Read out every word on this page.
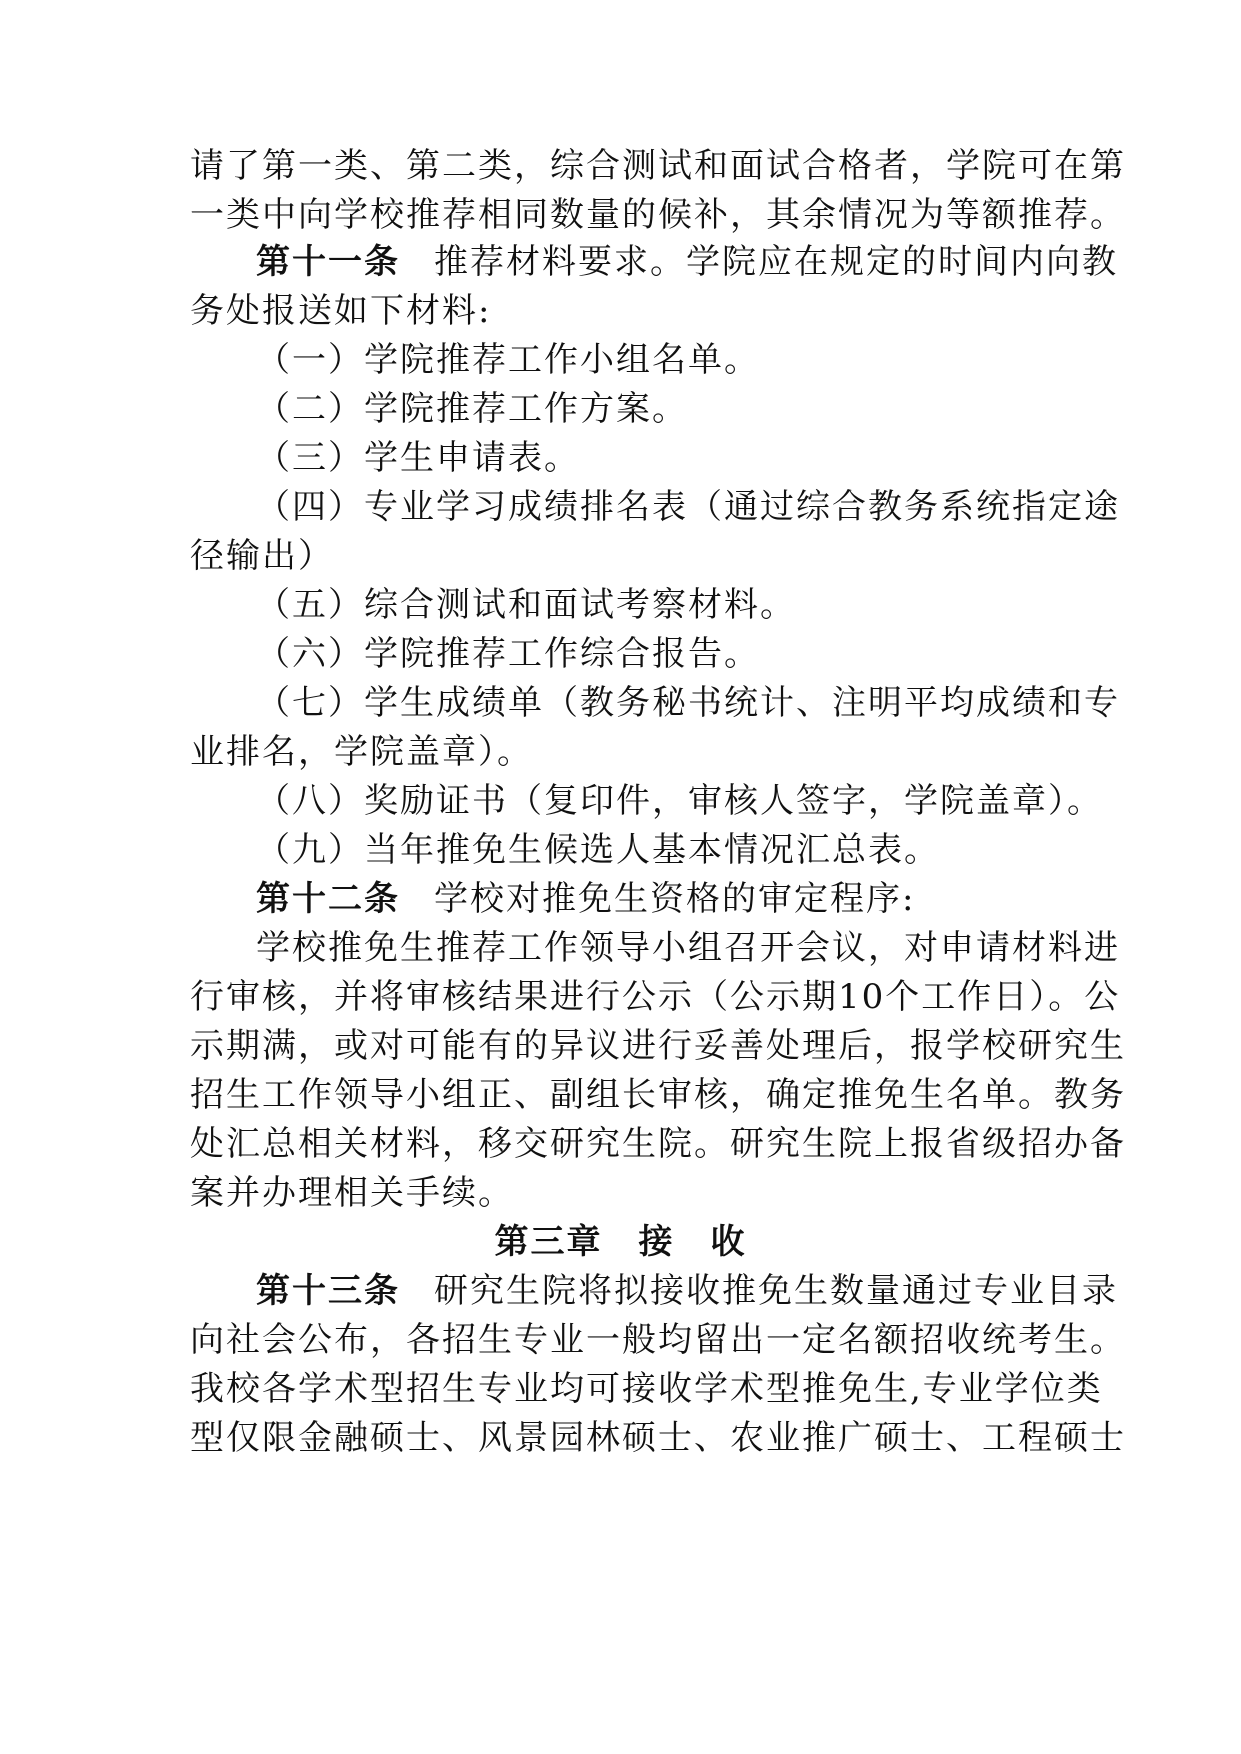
请了第一类、第二类，综合测试和面试合格者，学院可在第
一类中向学校推荐相同数量的候补，其余情况为等额推荐。
第十一条 推荐材料要求。学院应在规定的时间内向教
务处报送如下材料:
（一）学院推荐工作小组名单。
（二）学院推荐工作方案。
（三）学生申请表。
（四）专业学习成绩排名表（通过综合教务系统指定途
径输出）
（五）综合测试和面试考察材料。
（六）学院推荐工作综合报告。
（七）学生成绩单（教务秘书统计、注明平均成绩和专
业排名，学院盖章）。
（八）奖励证书（复印件，审核人签字，学院盖章）。
（九）当年推免生候选人基本情况汇总表。
第十二条 学校对推免生资格的审定程序:
学校推免生推荐工作领导小组召开会议，对申请材料进
行审核，并将审核结果进行公示（公示期10个工作日）。公
示期满，或对可能有的异议进行妥善处理后，报学校研究生
招生工作领导小组正、副组长审核，确定推免生名单。教务
处汇总相关材料，移交研究生院。研究生院上报省级招办备
案并办理相关手续。
第三章　接　收
第十三条 研究生院将拟接收推免生数量通过专业目录
向社会公布，各招生专业一般均留出一定名额招收统考生。
我校各学术型招生专业均可接收学术型推免生,专业学位类
型仅限金融硕士、风景园林硕士、农业推广硕士、工程硕士
